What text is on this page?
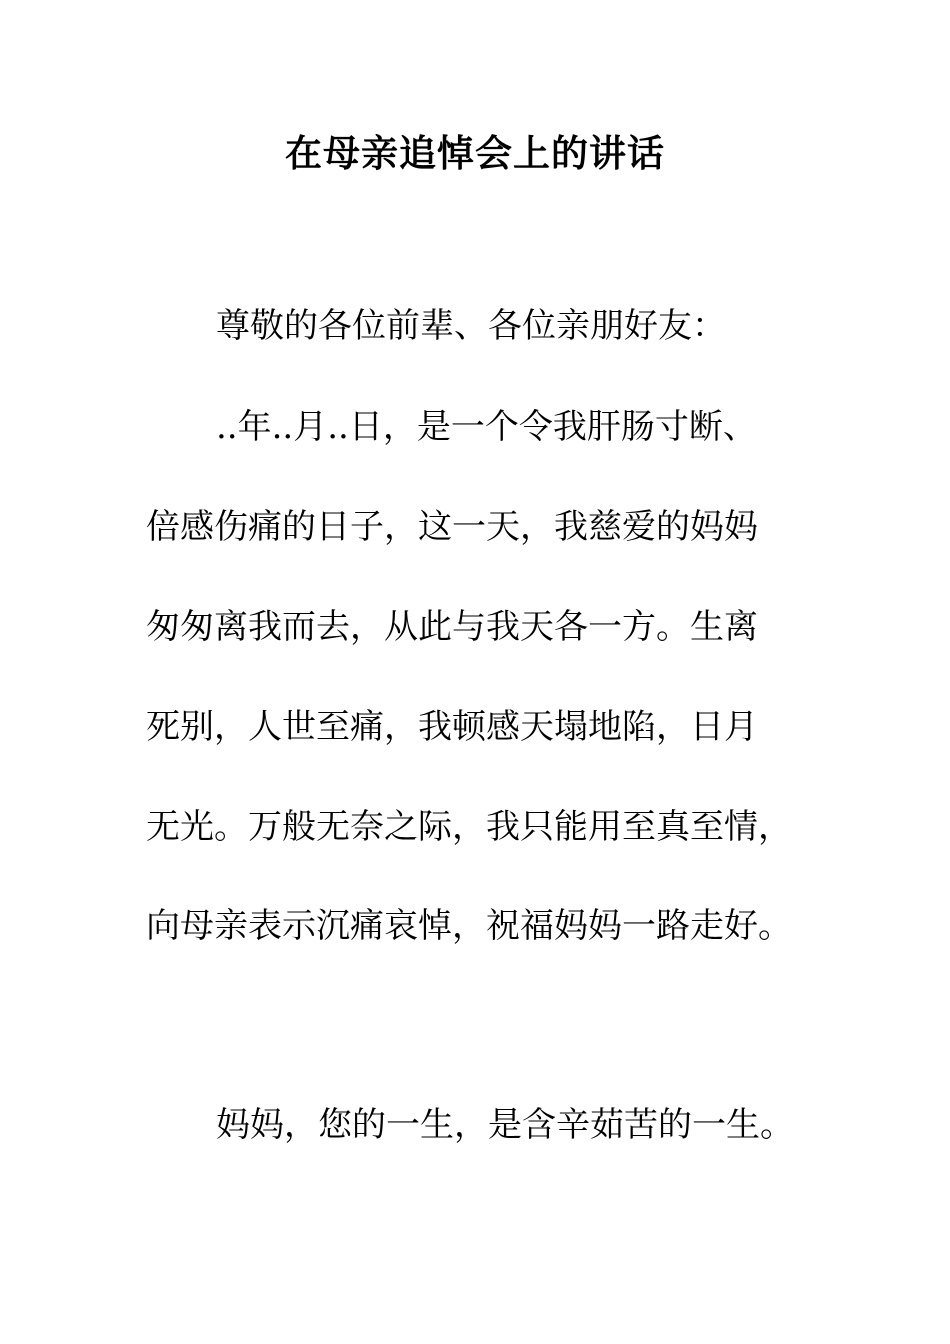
在母亲追悼会上的讲话
尊敬的各位前辈、各位亲朋好友：
..年..月..日，是一个令我肝肠寸断、
倍感伤痛的日子，这一天，我慈爱的妈妈
匆匆离我而去，从此与我天各一方。生离
死别，人世至痛，我顿感天塌地陷，日月
无光。万般无奈之际，我只能用至真至情，
向母亲表示沉痛哀悼，祝福妈妈一路走好。
妈妈，您的一生，是含辛茹苦的一生。
